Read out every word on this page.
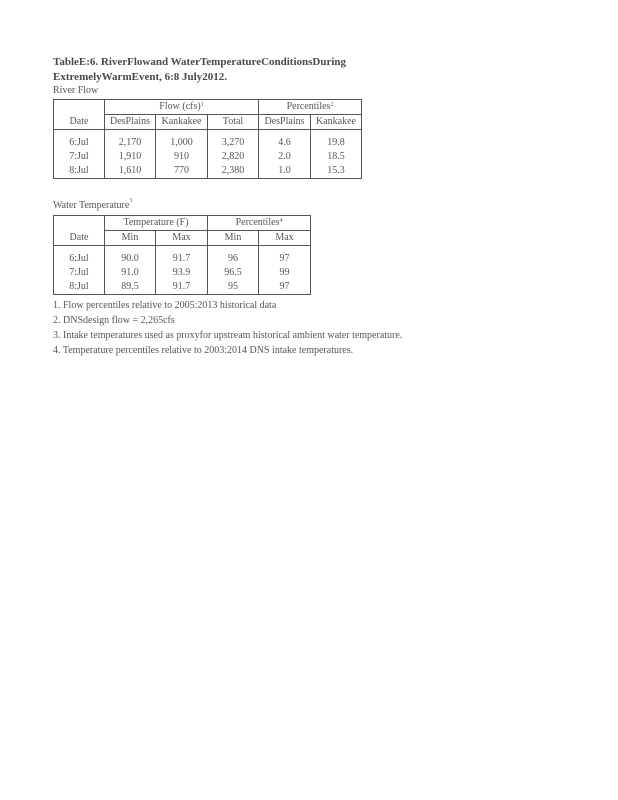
TableE:6. RiverFlowand WaterTemperatureConditionsDuring
ExtremelyWarmEvent, 6:8 July2012.
River Flow
	Flow (cfs)$^1$			Percentiles$^2$
Date	DesPlains	Kankakee	Total	DesPlains	Kankakee

6:Jul	2,170	1,000	3,270	4.6	19.8
7:Jul	1,910	910	2,820	2.0	18.5
8:Jul	1,610	770	2,380	1.0	15.3
Water Temperature$^3$
	Temperature (F)		Percentiles$^4$
Date	Min	Max	Min	Max

6:Jul	90.0	91.7	96	97
7:Jul	91.0	93.9	96.5	99
8:Jul	89.5	91.7	95	97
1. Flow percentiles relative to 2005:2013 historical data
2. DNSdesign flow = 2,265cfs
3. Intake temperatures used as proxyfor upstream historical ambient water temperature.
4. Temperature percentiles relative to 2003:2014 DNS intake temperatures.
